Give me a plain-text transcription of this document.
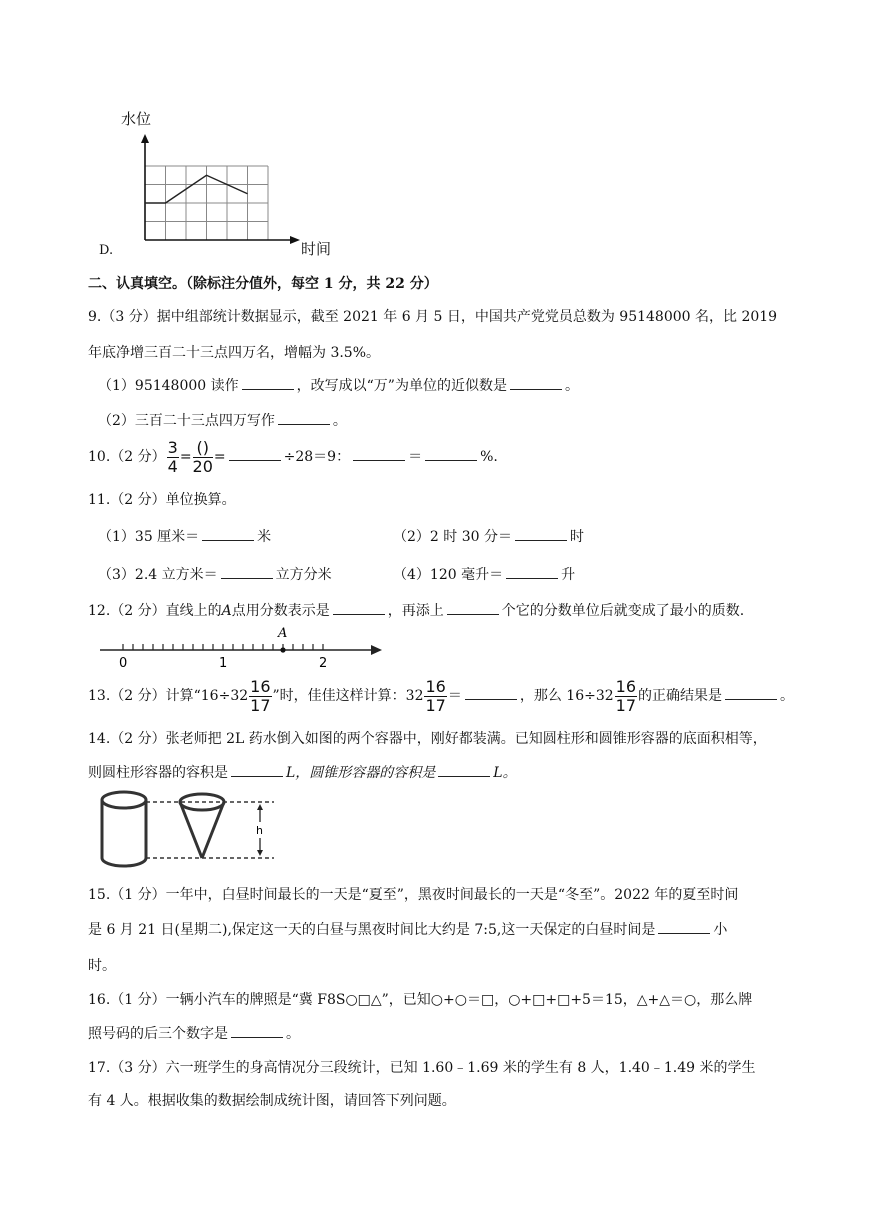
水位
时间
D.
二、认真填空。（除标注分值外，每空 1 分，共 22 分）
9.（3 分）据中组部统计数据显示，截至 2021 年 6 月 5 日，中国共产党党员总数为 95148000 名，比 2019
年底净增三百二十三点四万名，增幅为 3.5%。
（1）95148000 读作	，改写成以“万”为单位的近似数是	。
（2）三百二十三点四万写作	。
10.（2 分） $\frac{3}{4} = \frac{()}{20}$ =	÷28＝9：	＝	%.
11.（2 分）单位换算。
（1）35 厘米＝	米	（2）2 时 30 分＝	时
（3）2.4 立方米＝	立方分米	（4）120 毫升＝	升
12.（2 分）直线上的A点用分数表示是	，再添上	个它的分数单位后就变成了最小的质数.
A
0	1	2
13.（2 分）计算“$16\div 32 \frac{16}{17}$ ”时，佳佳这样计算：$32 \frac{16}{17}$ ＝	，那么 $16\div 32 \frac{16}{17}$ 的正确结果是	。
14.（2 分）张老师把 2L 药水倒入如图的两个容器中，刚好都装满。已知圆柱形和圆锥形容器的底面积相等，
则圆柱形容器的容积是	L，圆锥形容器的容积是	L。
h
15.（1 分）一年中，白昼时间最长的一天是“夏至”，黑夜时间最长的一天是“冬至”。2022 年的夏至时间
是 6 月 21 日(星期二),保定这一天的白昼与黑夜时间比大约是 7:5,这一天保定的白昼时间是	小
时。
16.（1 分）一辆小汽车的牌照是“冀 F8S○□△”，已知○+○＝□，○+□+□+5＝15，△+△＝○，那么牌
照号码的后三个数字是	。
17.（3 分）六一班学生的身高情况分三段统计，已知 1.60﹣1.69 米的学生有 8 人，1.40﹣1.49 米的学生
有 4 人。根据收集的数据绘制成统计图，请回答下列问题。
